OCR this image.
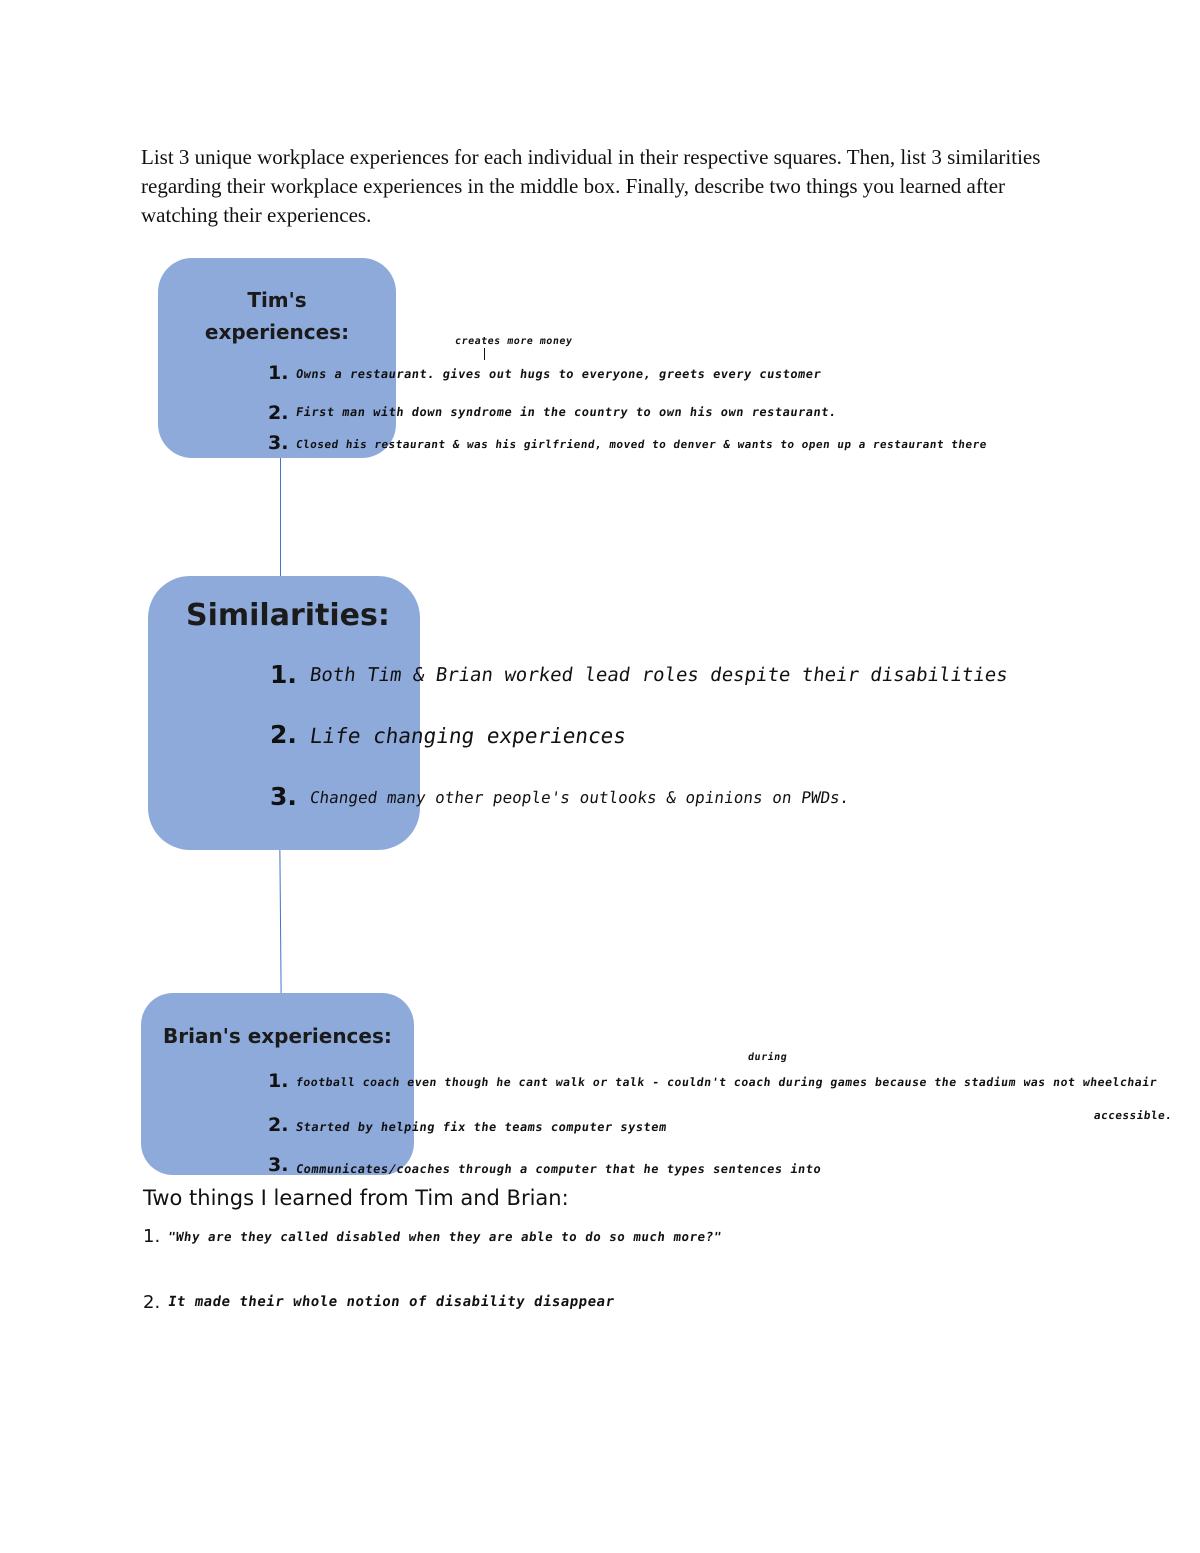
List 3 unique workplace experiences for each individual in their respective squares. Then, list 3 similarities regarding their workplace experiences in the middle box. Finally, describe two things you learned after watching their experiences.
Tim's
experiences:	creates more money
1. Owns a restaurant. gives out hugs to everyone, greets every customer
2. First man with down syndrome in the country to own his own restaurant.
3. Closed his restaurant & was his girlfriend, moved to denver & wants to open up a restaurant there
Similarities:
1. Both Tim & Brian worked lead roles despite their disabilities
2. Life changing experiences
3. Changed many other people's outlooks & opinions on PWDs.
Brian's experiences:
during
1. football coach even though he cant walk or talk - couldn't coach during games because the stadium was not wheelchair
accessible.
2. Started by helping fix the teams computer system
3. Communicates/coaches through a computer that he types sentences into
Two things I learned from Tim and Brian:
1. "Why are they called disabled when they are able to do so much more?"
2. It made their whole notion of disability disappear
